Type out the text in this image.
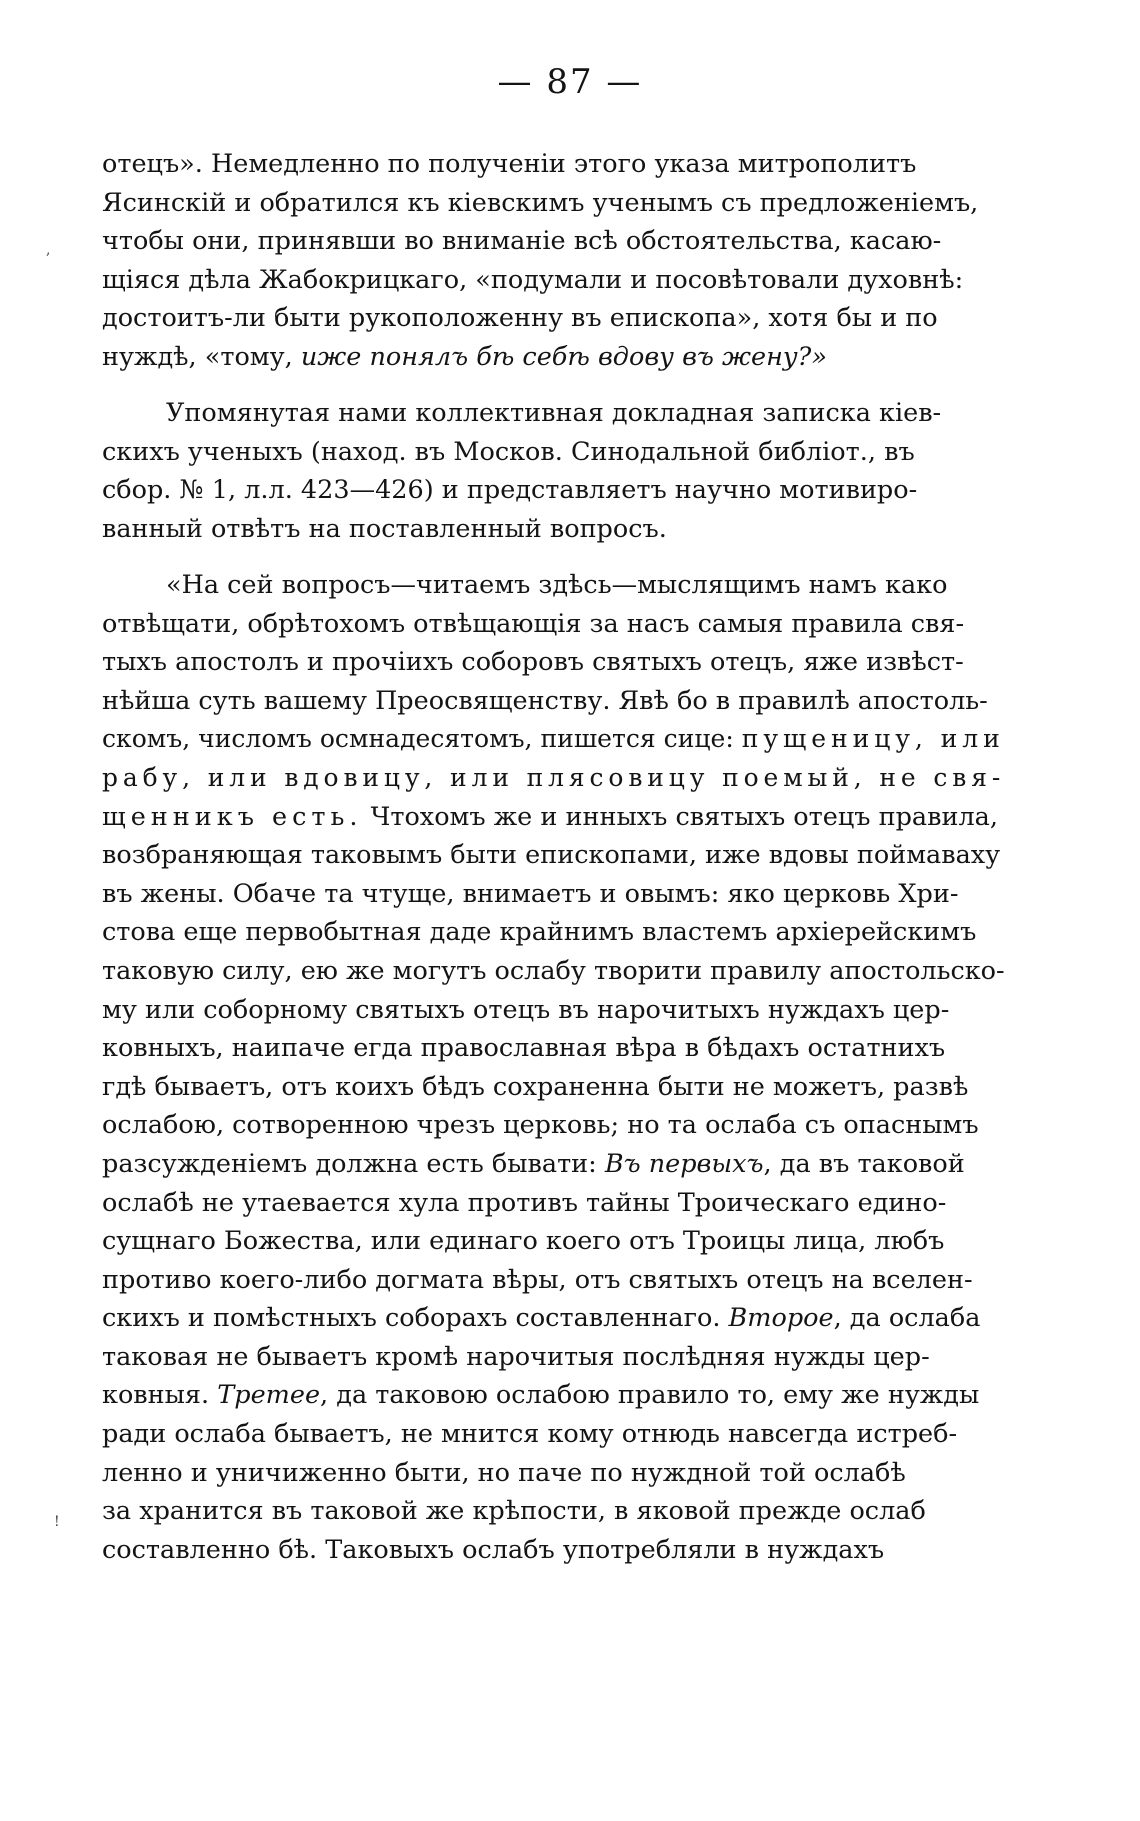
— 87 —
,
!
отецъ». Немедленно по полученіи этого указа митрополитъ
Ясинскій и обратился къ кіевскимъ ученымъ съ предложеніемъ,
чтобы они, принявши во вниманіе всѣ обстоятельства, касаю-
щіяся дѣла Жабокрицкаго, «подумали и посовѣтовали духовнѣ:
достоитъ-ли быти рукоположенну въ епископа», хотя бы и по
нуждѣ, «тому, иже понялъ бѣ себѣ вдову въ жену?»
Упомянутая нами коллективная докладная записка кіев-
скихъ ученыхъ (наход. въ Москов. Синодальной библіот., въ
сбор. № 1, л.л. 423—426) и представляетъ научно мотивиро-
ванный отвѣтъ на поставленный вопросъ.
«На сей вопросъ—читаемъ здѣсь—мыслящимъ намъ како
отвѣщати, обрѣтохомъ отвѣщающія за насъ самыя правила свя-
тыхъ апостолъ и прочіихъ соборовъ святыхъ отецъ, яже извѣст-
нѣйша суть вашему Преосвященству. Явѣ бо в правилѣ апостоль-
скомъ, числомъ осмнадесятомъ, пишется сице: пущеницу, или
рабу, или вдовицу, или плясовицу поемый, не свя-
щенникъ есть. Чтохомъ же и инныхъ святыхъ отецъ правила,
возбраняющая таковымъ быти епископами, иже вдовы поймаваху
въ жены. Обаче та чтуще, внимаетъ и овымъ: яко церковь Хри-
стова еще первобытная даде крайнимъ властемъ архіерейскимъ
таковую силу, ею же могутъ ослабу творити правилу апостольско-
му или соборному святыхъ отецъ въ нарочитыхъ нуждахъ цер-
ковныхъ, наипаче егда православная вѣра в бѣдахъ остатнихъ
гдѣ бываетъ, отъ коихъ бѣдъ сохраненна быти не можетъ, развѣ
ослабою, сотворенною чрезъ церковь; но та ослаба съ опаснымъ
разсужденіемъ должна есть бывати: Въ первыхъ, да въ таковой
ослабѣ не утаевается хула противъ тайны Троическаго едино-
сущнаго Божества, или единаго коего отъ Троицы лица, любъ
противо коего-либо догмата вѣры, отъ святыхъ отецъ на вселен-
скихъ и помѣстныхъ соборахъ составленнаго. Второе, да ослаба
таковая не бываетъ кромѣ нарочитыя послѣдняя нужды цер-
ковныя. Третее, да таковою ослабою правило то, ему же нужды
ради ослаба бываетъ, не мнится кому отнюдь навсегда истреб-
ленно и уничиженно быти, но паче по нуждной той ослабѣ
за хранится въ таковой же крѣпости, в яковой прежде ослаб
составленно бѣ. Таковыхъ ослабъ употребляли в нуждахъ
